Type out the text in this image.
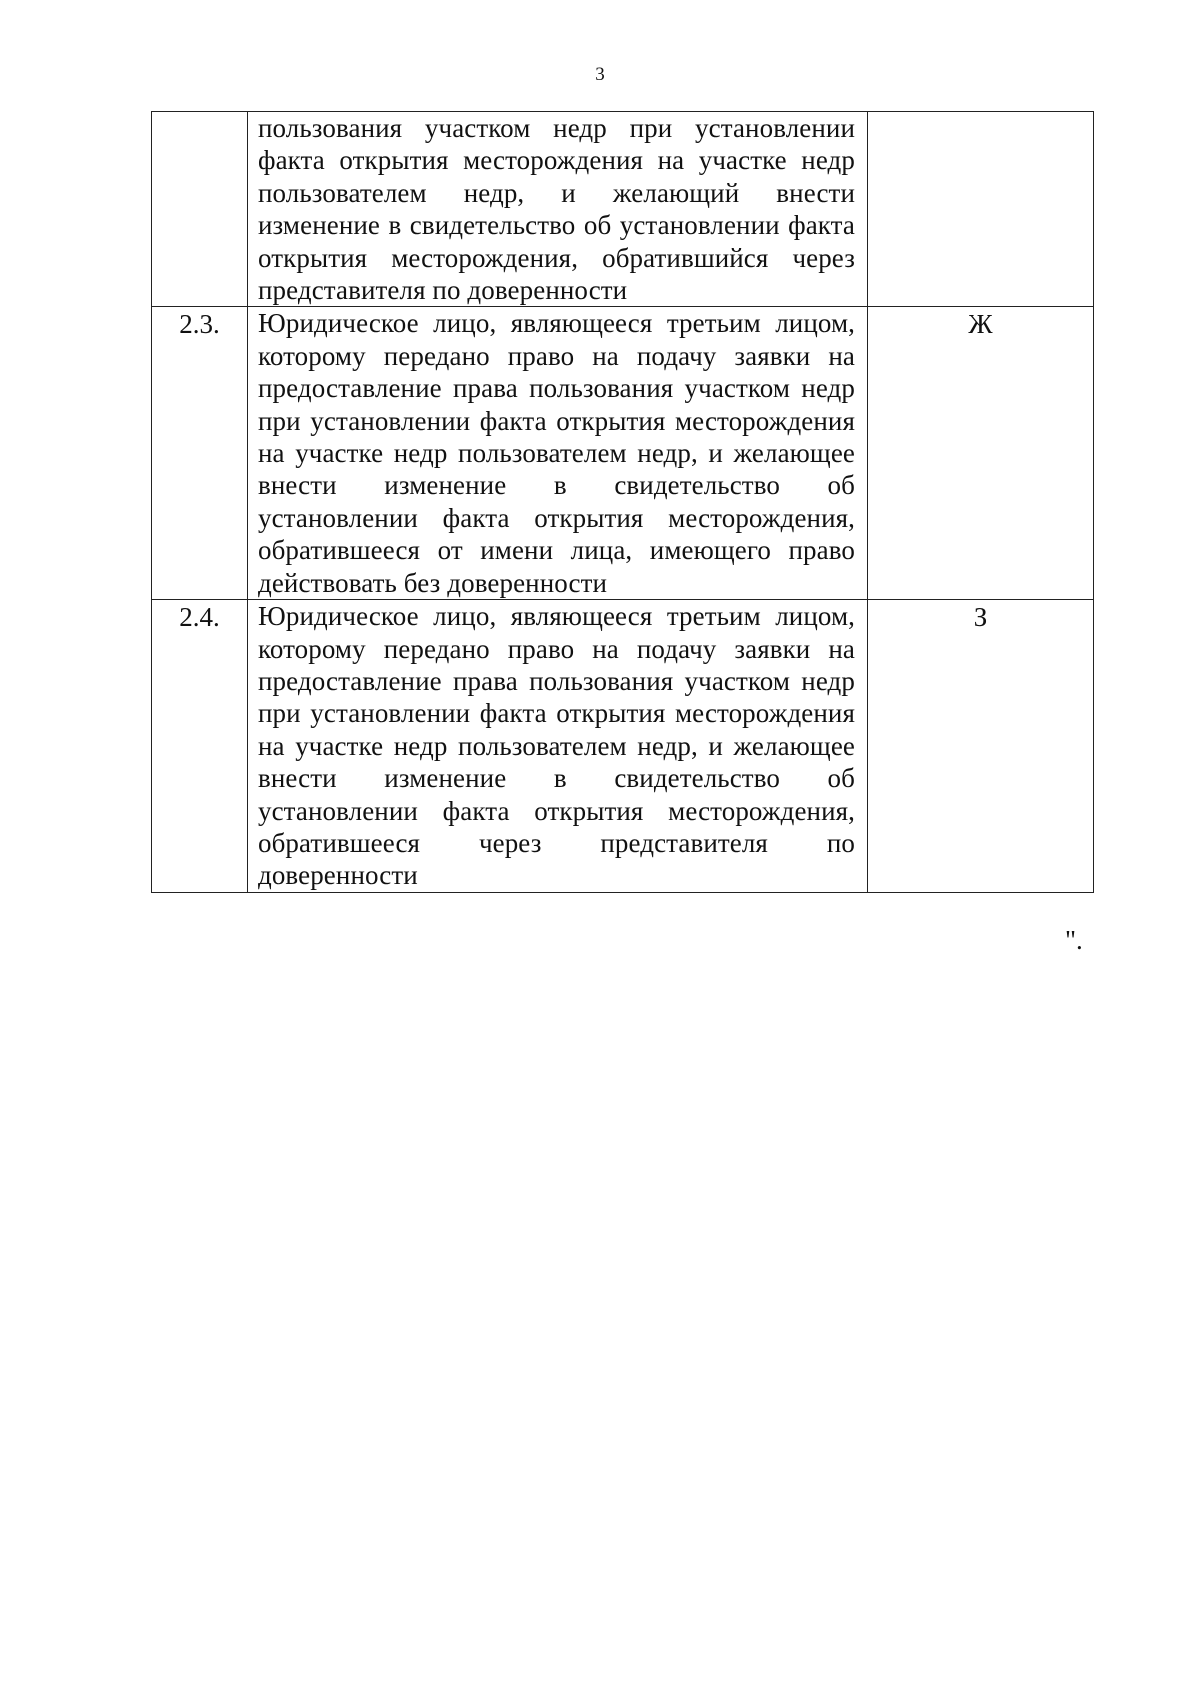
3
	пользования участком недр при установлении факта открытия месторождения на участке недр пользователем недр, и желающий внести изменение в свидетельство об установлении факта открытия месторождения, обратившийся через представителя по доверенности	
2.3.	Юридическое лицо, являющееся третьим лицом, которому передано право на подачу заявки на предоставление права пользования участком недр при установлении факта открытия месторождения на участке недр пользователем недр, и желающее внести изменение в свидетельство об установлении факта открытия месторождения, обратившееся от имени лица, имеющего право действовать без доверенности	Ж
2.4.	Юридическое лицо, являющееся третьим лицом, которому передано право на подачу заявки на предоставление права пользования участком недр при установлении факта открытия месторождения на участке недр пользователем недр, и желающее внести изменение в свидетельство об установлении факта открытия месторождения, обратившееся через представителя по доверенности	З
".
